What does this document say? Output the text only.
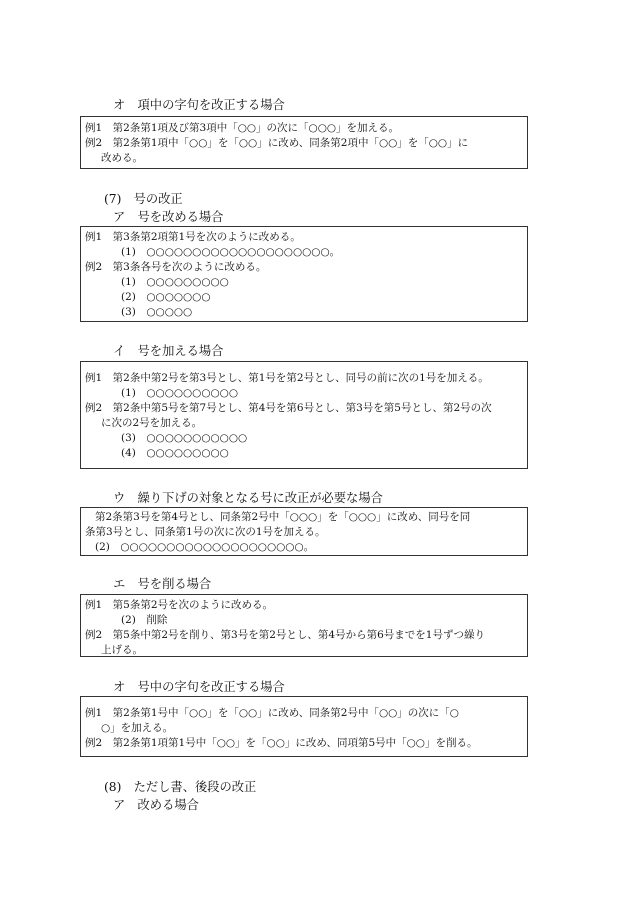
オ　項中の字句を改正する場合
例1　第2条第1項及び第3項中「○○」の次に「○○○」を加える。
例2　第2条第1項中「○○」を「○○」に改め、同条第2項中「○○」を「○○」に
改める。
(7)　号の改正
ア　号を改める場合
例1　第3条第2項第1号を次のように改める。
(1)　○○○○○○○○○○○○○○○○○○○○。
例2　第3条各号を次のように改める。
(1)　○○○○○○○○○
(2)　○○○○○○○
(3)　○○○○○
イ　号を加える場合
例1　第2条中第2号を第3号とし、第1号を第2号とし、同号の前に次の1号を加える。
(1)　○○○○○○○○○○
例2　第2条中第5号を第7号とし、第4号を第6号とし、第3号を第5号とし、第2号の次
に次の2号を加える。
(3)　○○○○○○○○○○○
(4)　○○○○○○○○○
ウ　繰り下げの対象となる号に改正が必要な場合
第2条第3号を第4号とし、同条第2号中「○○○」を「○○○」に改め、同号を同
条第3号とし、同条第1号の次に次の1号を加える。
(2)　○○○○○○○○○○○○○○○○○○○○。
エ　号を削る場合
例1　第5条第2号を次のように改める。
(2)　削除
例2　第5条中第2号を削り、第3号を第2号とし、第4号から第6号までを1号ずつ繰り
上げる。
オ　号中の字句を改正する場合
例1　第2条第1号中「○○」を「○○」に改め、同条第2号中「○○」の次に「○
○」を加える。
例2　第2条第1項第1号中「○○」を「○○」に改め、同項第5号中「○○」を削る。
(8)　ただし書、後段の改正
ア　改める場合
